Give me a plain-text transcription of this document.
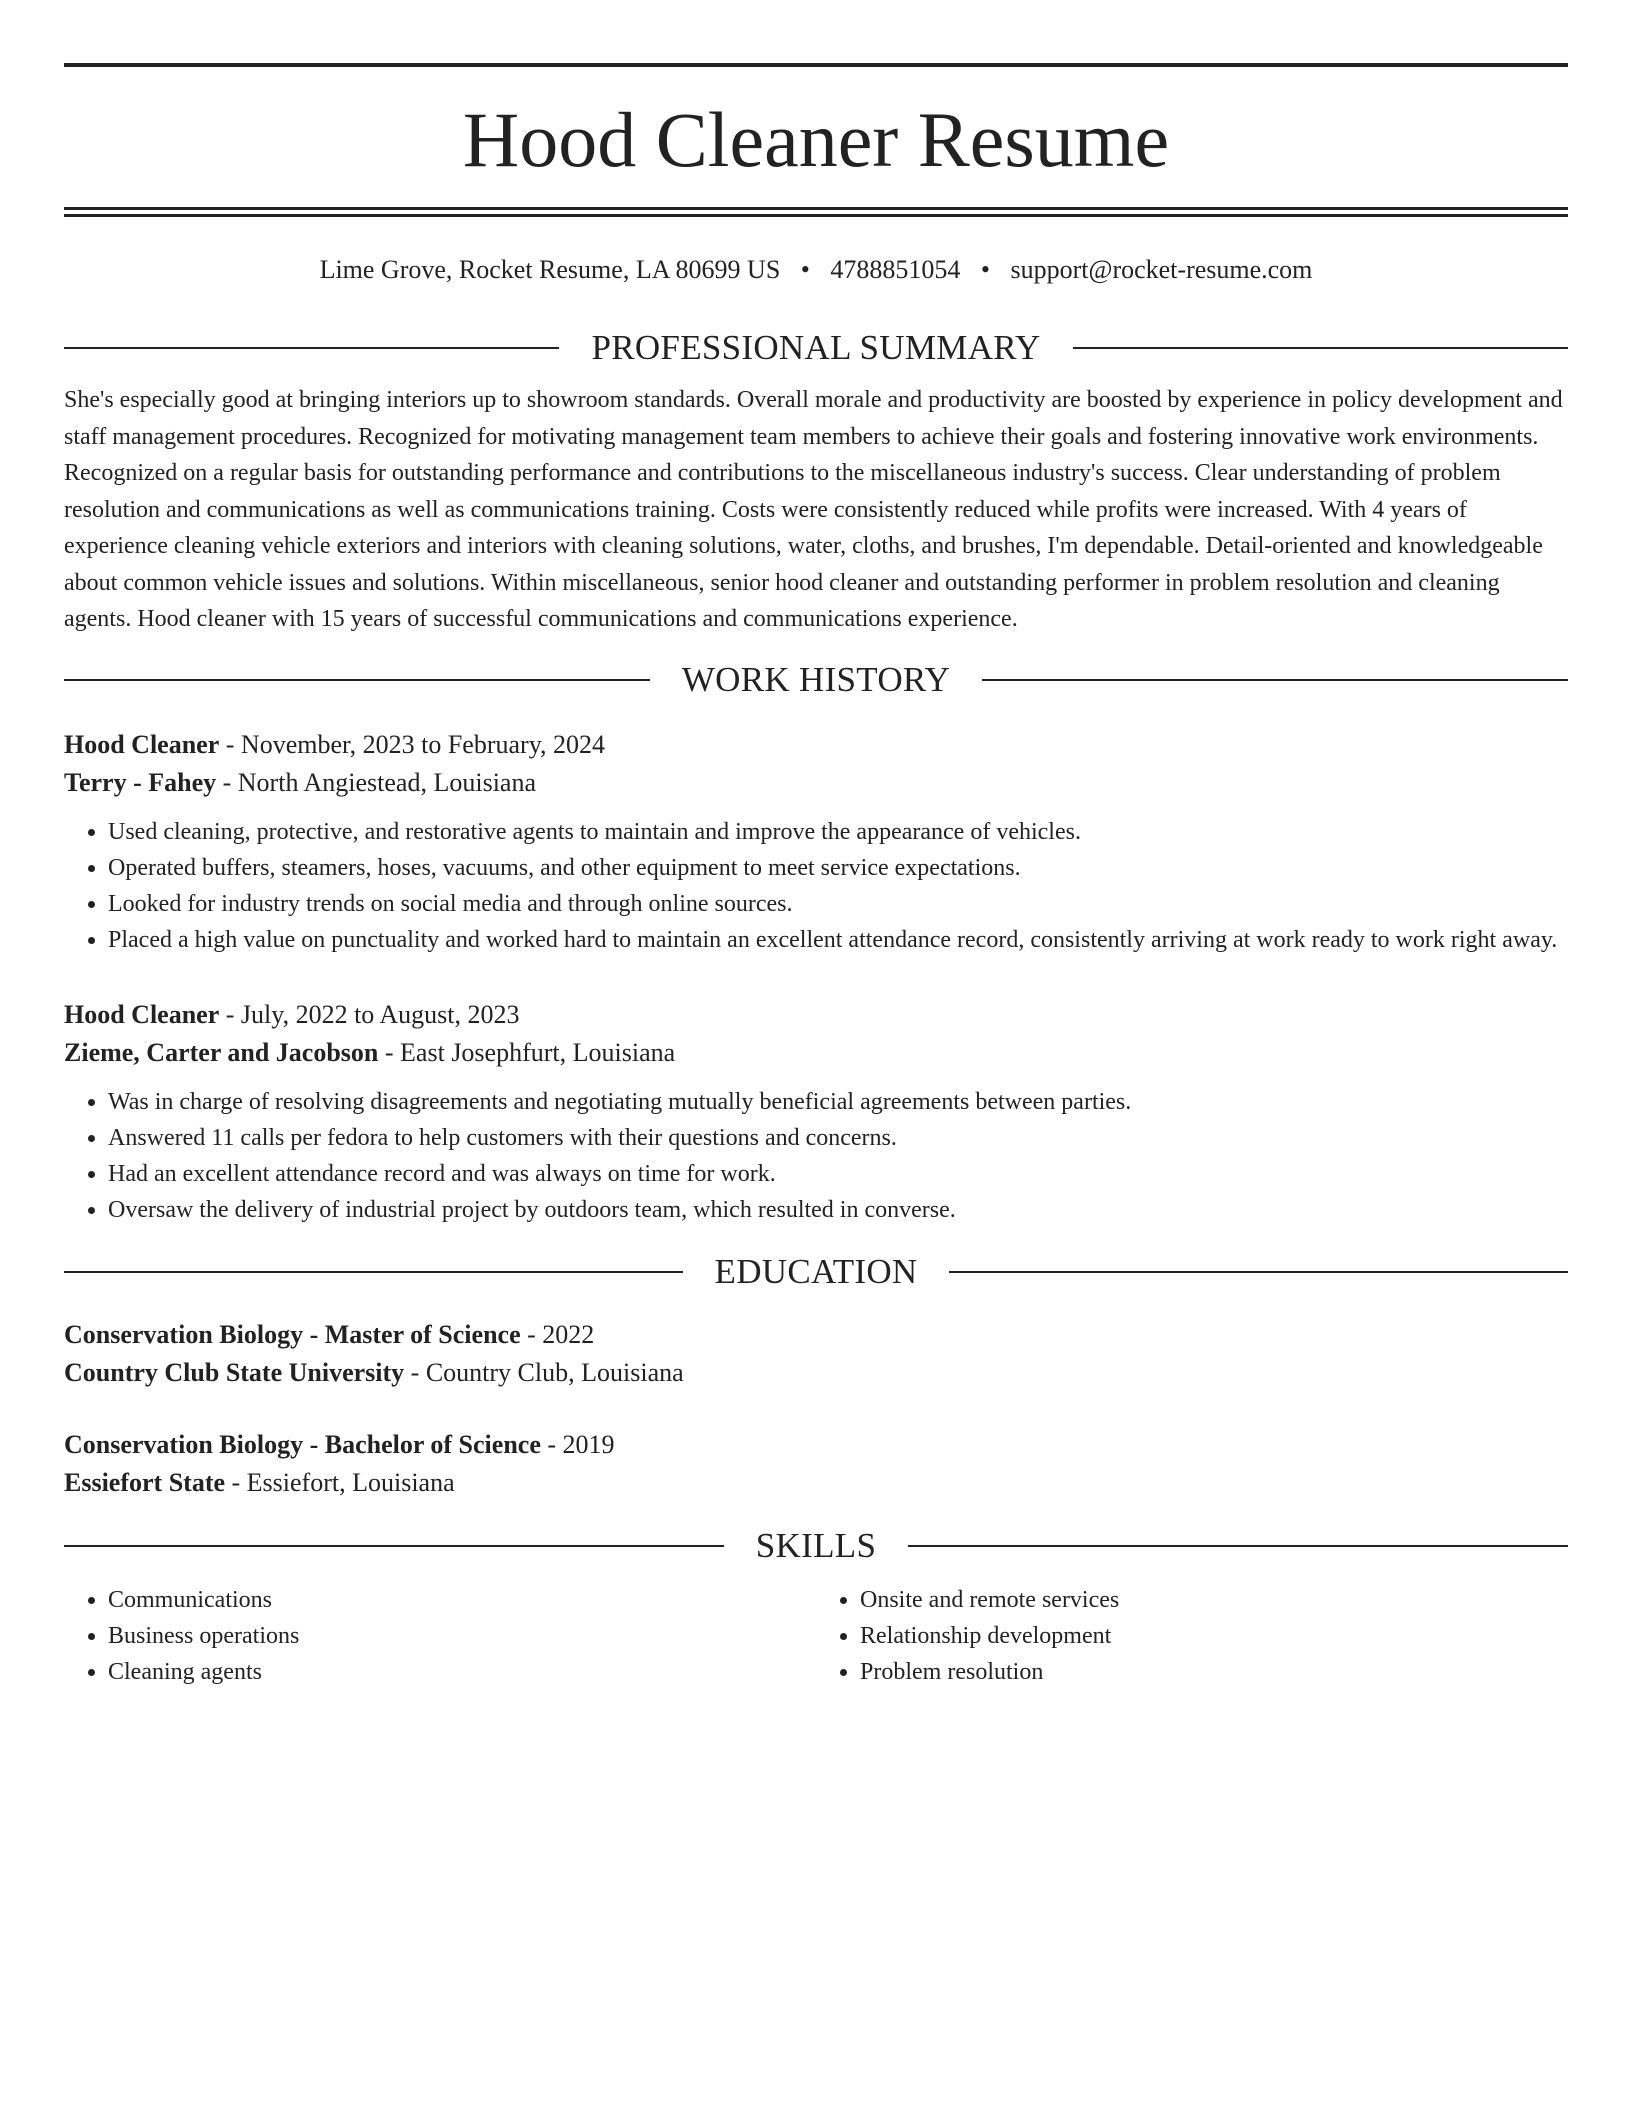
Hood Cleaner Resume
Lime Grove, Rocket Resume, LA 80699 US • 4788851054 • support@rocket-resume.com
PROFESSIONAL SUMMARY

She's especially good at bringing interiors up to showroom standards. Overall morale and productivity are boosted by experience in policy development and staff management procedures. Recognized for motivating management team members to achieve their goals and fostering innovative work environments. Recognized on a regular basis for outstanding performance and contributions to the miscellaneous industry's success. Clear understanding of problem resolution and communications as well as communications training. Costs were consistently reduced while profits were increased. With 4 years of experience cleaning vehicle exteriors and interiors with cleaning solutions, water, cloths, and brushes, I'm dependable. Detail-oriented and knowledgeable about common vehicle issues and solutions. Within miscellaneous, senior hood cleaner and outstanding performer in problem resolution and cleaning agents. Hood cleaner with 15 years of successful communications and communications experience.

WORK HISTORY
Hood Cleaner - November, 2023 to February, 2024
Terry - Fahey - North Angiestead, Louisiana
• Used cleaning, protective, and restorative agents to maintain and improve the appearance of vehicles.
• Operated buffers, steamers, hoses, vacuums, and other equipment to meet service expectations.
• Looked for industry trends on social media and through online sources.
• Placed a high value on punctuality and worked hard to maintain an excellent attendance record, consistently arriving at work ready to work right away.
Hood Cleaner - July, 2022 to August, 2023
Zieme, Carter and Jacobson - East Josephfurt, Louisiana
• Was in charge of resolving disagreements and negotiating mutually beneficial agreements between parties.
• Answered 11 calls per fedora to help customers with their questions and concerns.
• Had an excellent attendance record and was always on time for work.
• Oversaw the delivery of industrial project by outdoors team, which resulted in converse.
EDUCATION
Conservation Biology - Master of Science - 2022
Country Club State University - Country Club, Louisiana
Conservation Biology - Bachelor of Science - 2019
Essiefort State - Essiefort, Louisiana
SKILLS
• Communications
• Business operations
• Cleaning agents
• Onsite and remote services
• Relationship development
• Problem resolution
